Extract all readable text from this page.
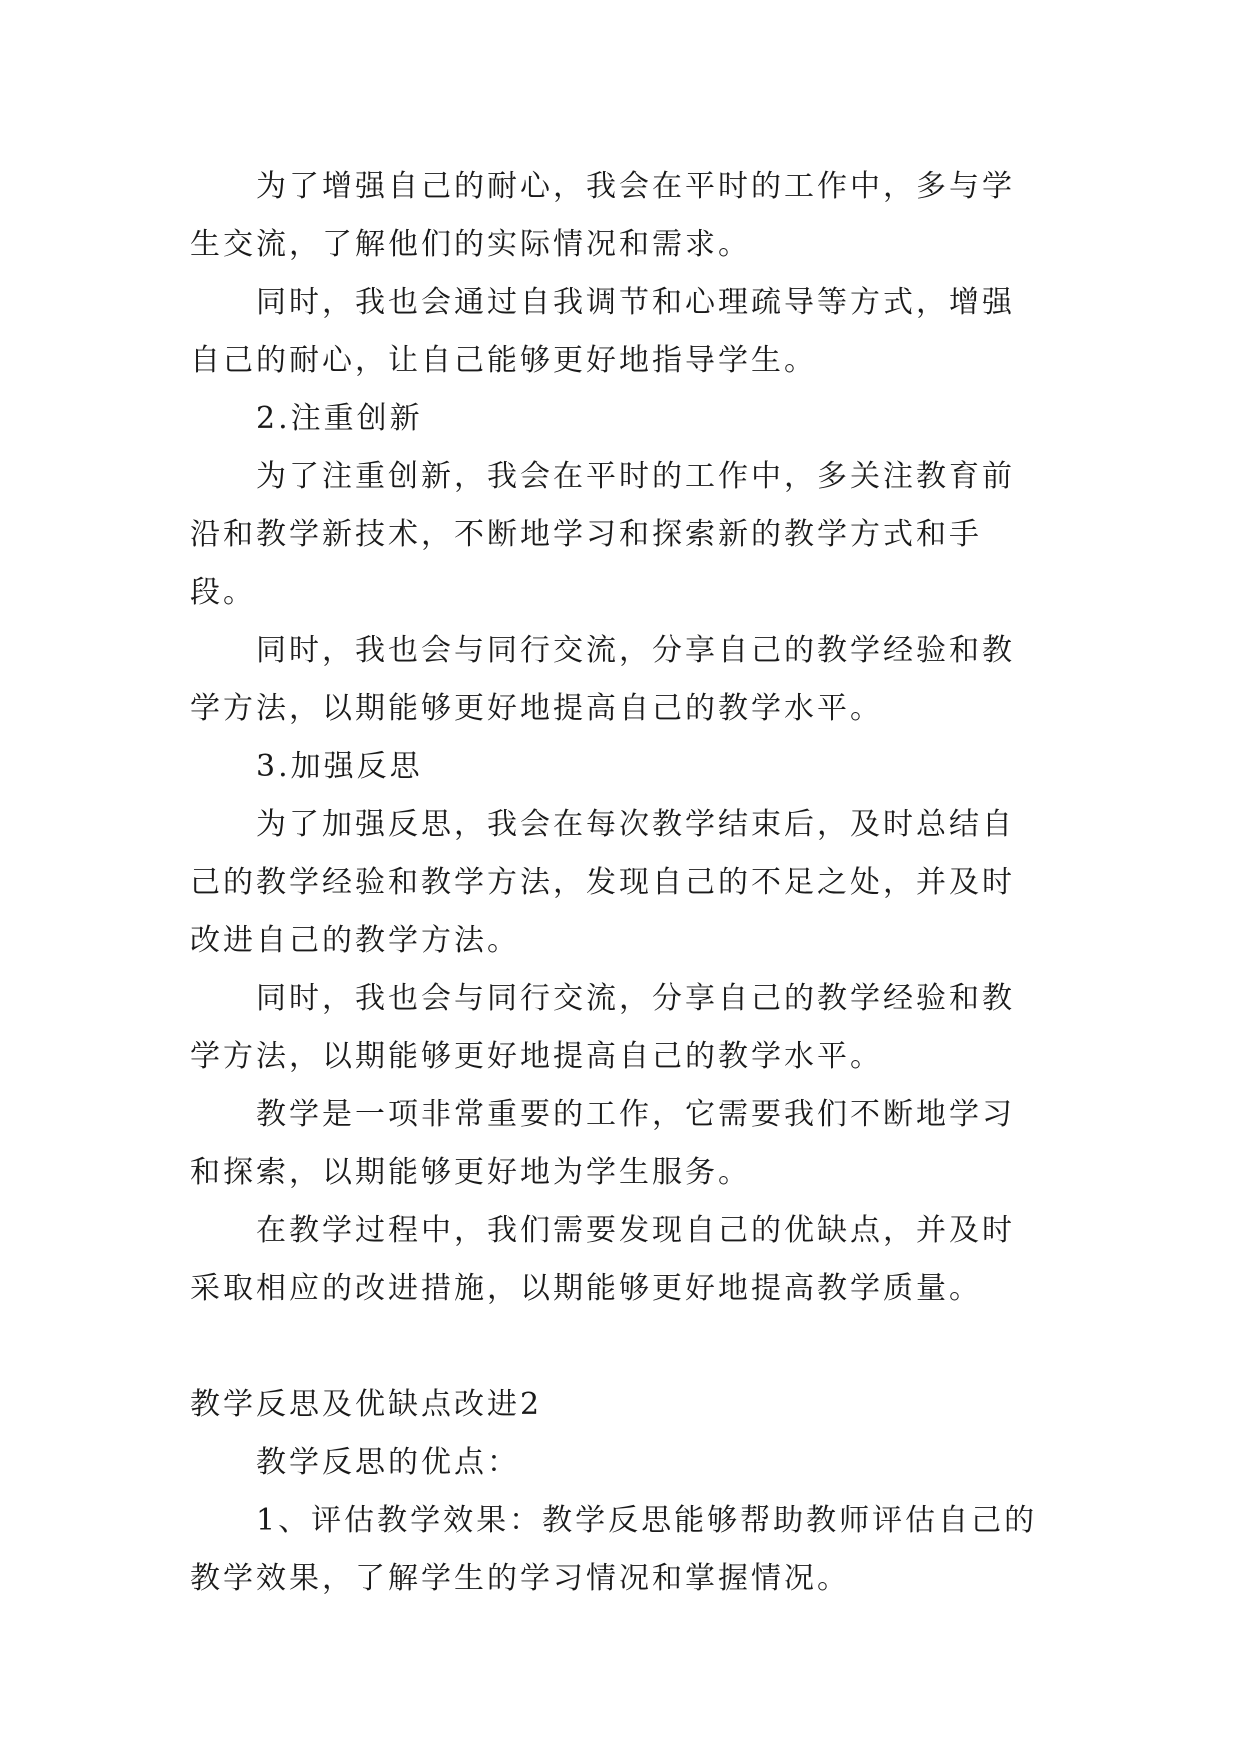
为了增强自己的耐心，我会在平时的工作中，多与学生交流，了解他们的实际情况和需求。

同时，我也会通过自我调节和心理疏导等方式，增强自己的耐心，让自己能够更好地指导学生。

2.注重创新

为了注重创新，我会在平时的工作中，多关注教育前沿和教学新技术，不断地学习和探索新的教学方式和手段。

同时，我也会与同行交流，分享自己的教学经验和教学方法，以期能够更好地提高自己的教学水平。

3.加强反思

为了加强反思，我会在每次教学结束后，及时总结自己的教学经验和教学方法，发现自己的不足之处，并及时改进自己的教学方法。

同时，我也会与同行交流，分享自己的教学经验和教学方法，以期能够更好地提高自己的教学水平。

教学是一项非常重要的工作，它需要我们不断地学习和探索，以期能够更好地为学生服务。

在教学过程中，我们需要发现自己的优缺点，并及时采取相应的改进措施，以期能够更好地提高教学质量。

教学反思及优缺点改进2

教学反思的优点：

1、评估教学效果：教学反思能够帮助教师评估自己的教学效果，了解学生的学习情况和掌握情况。
